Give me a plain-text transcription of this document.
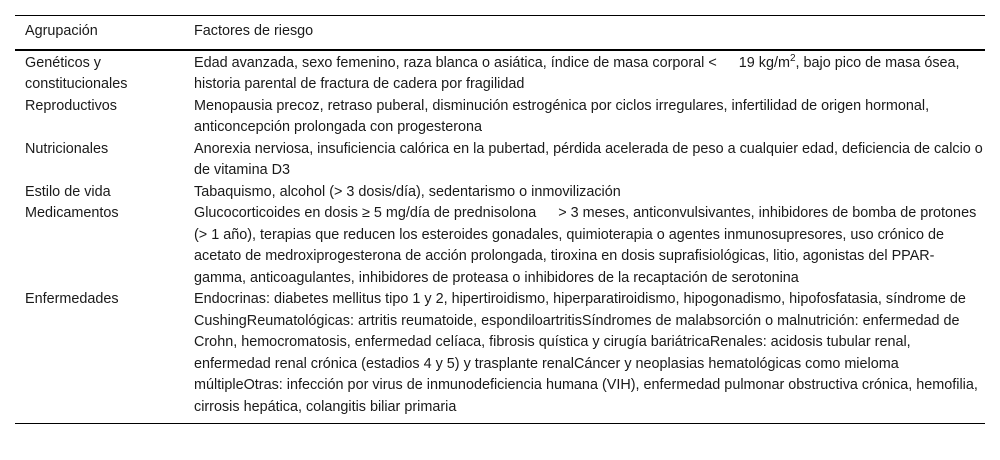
Agrupación	Factores de riesgo
Genéticos y constitucionales	Edad avanzada, sexo femenino, raza blanca o asiática, índice de masa corporal < 19 $kg/m^2$, bajo pico de masa ósea, historia parental de fractura de cadera por fragilidad
Reproductivos	Menopausia precoz, retraso puberal, disminución estrogénica por ciclos irregulares, infertilidad de origen hormonal, anticoncepción prolongada con progesterona
Nutricionales	Anorexia nerviosa, insuficiencia calórica en la pubertad, pérdida acelerada de peso a cualquier edad, deficiencia de calcio o de vitamina D3
Estilo de vida	Tabaquismo, alcohol (> 3 dosis/día), sedentarismo o inmovilización
Medicamentos	Glucocorticoides en dosis ≥ 5 mg/día de prednisolona > 3 meses, anticonvulsivantes, inhibidores de bomba de protones (> 1 año), terapias que reducen los esteroides gonadales, quimioterapia o agentes inmunosupresores, uso crónico de acetato de medroxiprogesterona de acción prolongada, tiroxina en dosis suprafisiológicas, litio, agonistas del PPAR-gamma, anticoagulantes, inhibidores de proteasa o inhibidores de la recaptación de serotonina
Enfermedades	Endocrinas: diabetes mellitus tipo 1 y 2, hipertiroidismo, hiperparatiroidismo, hipogonadismo, hipofosfatasia, síndrome de CushingReumatológicas: artritis reumatoide, espondiloartritisSíndromes de malabsorción o malnutrición: enfermedad de Crohn, hemocromatosis, enfermedad celíaca, fibrosis quística y cirugía bariátricaRenales: acidosis tubular renal, enfermedad renal crónica (estadios 4 y 5) y trasplante renalCáncer y neoplasias hematológicas como mieloma múltipleOtras: infección por virus de inmunodeficiencia humana (VIH), enfermedad pulmonar obstructiva crónica, hemofilia, cirrosis hepática, colangitis biliar primaria
